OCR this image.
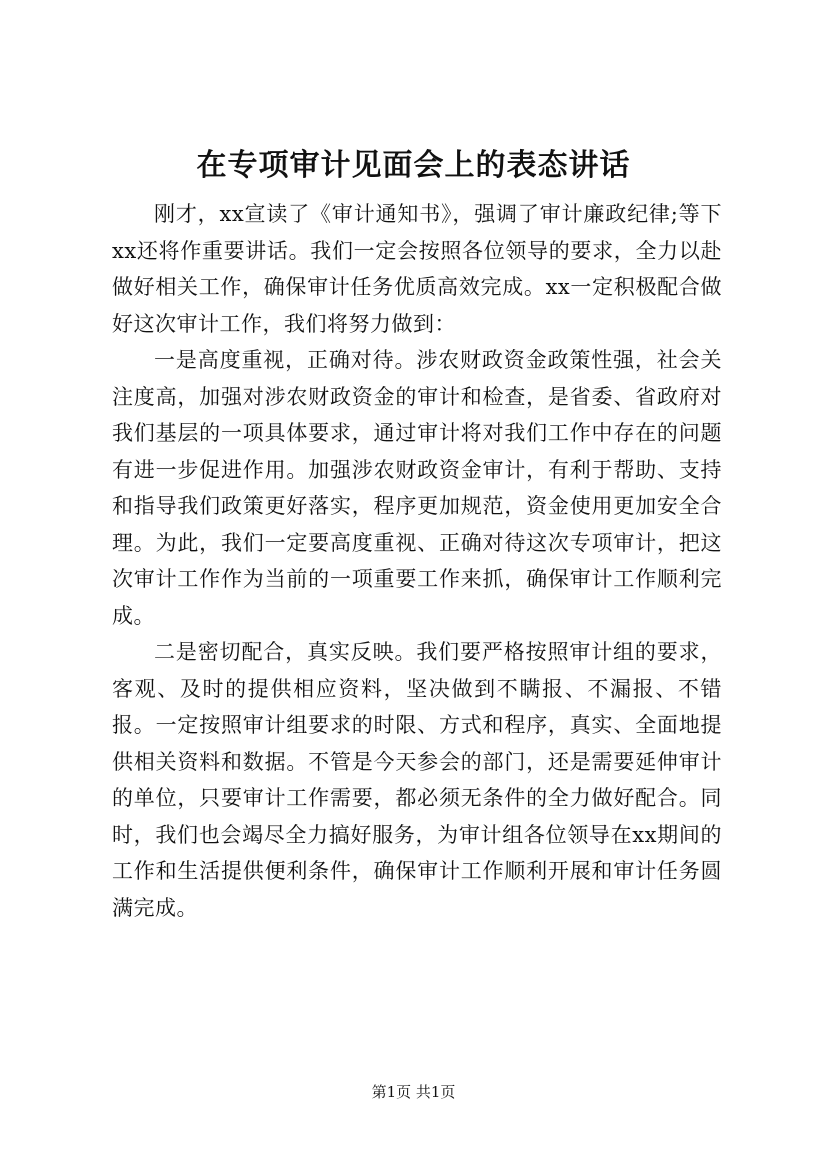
在专项审计见面会上的表态讲话

刚才，xx宣读了《审计通知书》，强调了审计廉政纪律;等下xx还将作重要讲话。我们一定会按照各位领导的要求，全力以赴做好相关工作，确保审计任务优质高效完成。xx一定积极配合做好这次审计工作，我们将努力做到：

一是高度重视，正确对待。涉农财政资金政策性强，社会关注度高，加强对涉农财政资金的审计和检查，是省委、省政府对我们基层的一项具体要求，通过审计将对我们工作中存在的问题有进一步促进作用。加强涉农财政资金审计，有利于帮助、支持和指导我们政策更好落实，程序更加规范，资金使用更加安全合理。为此，我们一定要高度重视、正确对待这次专项审计，把这次审计工作作为当前的一项重要工作来抓，确保审计工作顺利完成。

二是密切配合，真实反映。我们要严格按照审计组的要求，客观、及时的提供相应资料，坚决做到不瞒报、不漏报、不错报。一定按照审计组要求的时限、方式和程序，真实、全面地提供相关资料和数据。不管是今天参会的部门，还是需要延伸审计的单位，只要审计工作需要，都必须无条件的全力做好配合。同时，我们也会竭尽全力搞好服务，为审计组各位领导在xx期间的工作和生活提供便利条件，确保审计工作顺利开展和审计任务圆满完成。

第1页 共1页
